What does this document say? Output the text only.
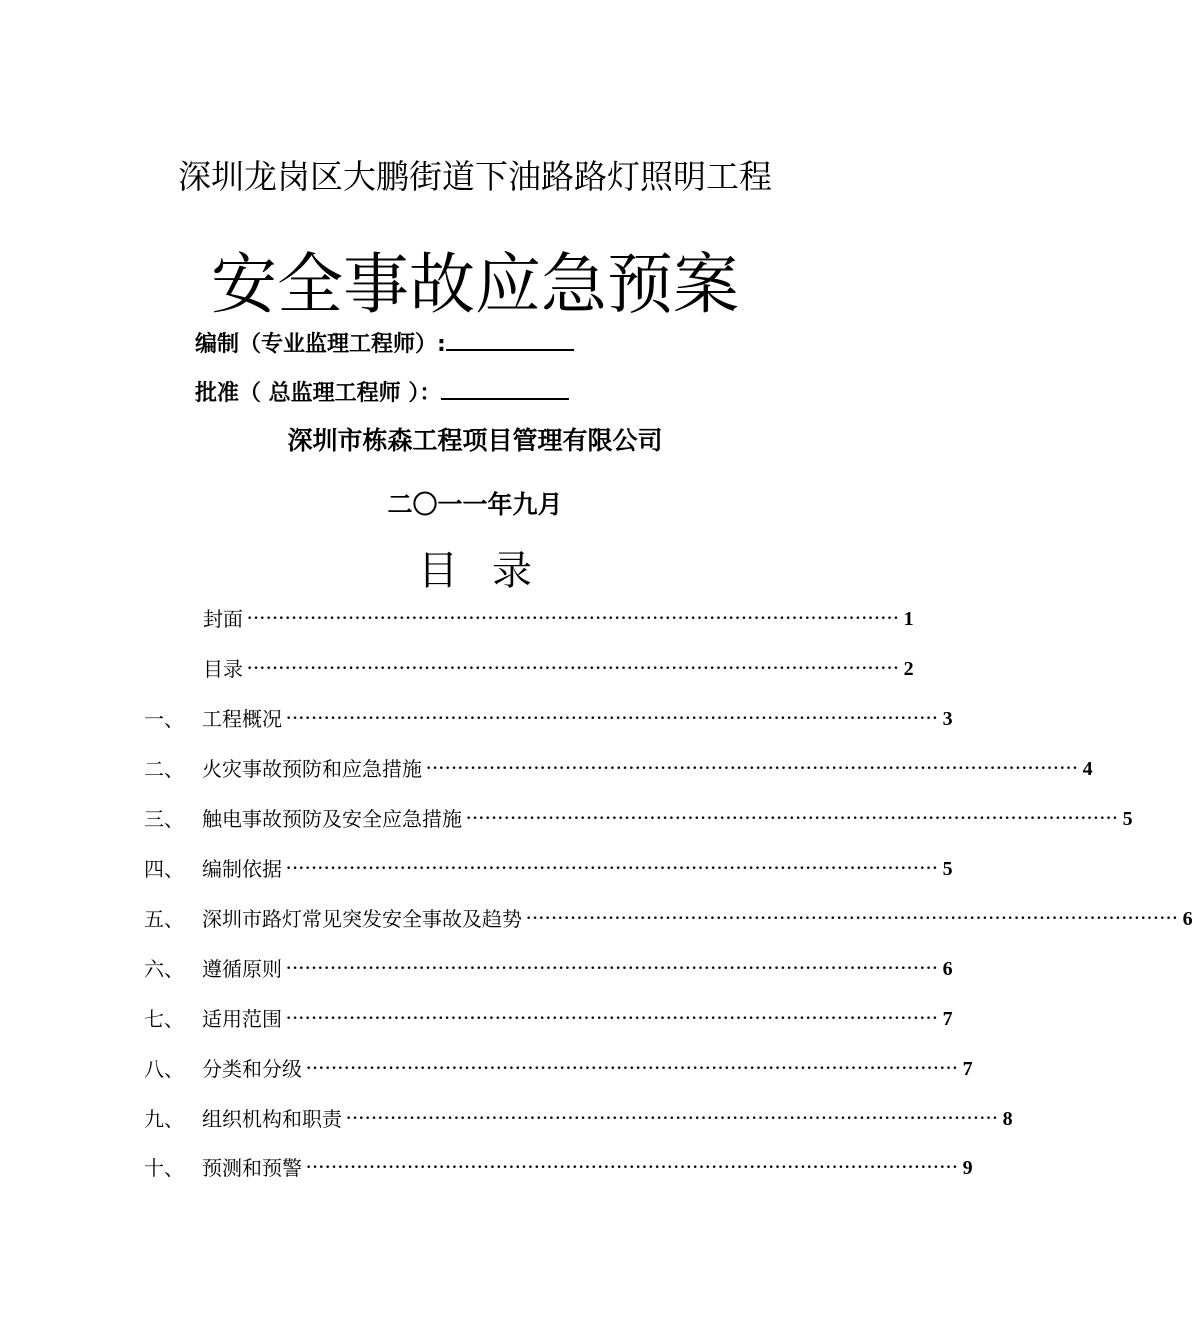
深圳龙岗区大鹏街道下油路路灯照明工程
安全事故应急预案
编制（专业监理工程师）:
批准（ 总监理工程师 ）：
深圳市栋森工程项目管理有限公司
二〇一一年九月
目录
封面 ······································································································· 1
目录 ······································································································· 2
一、 工程概况 ······································································································· 3
二、 火灾事故预防和应急措施 ······································································································· 4
三、 触电事故预防及安全应急措施 ······································································································· 5
四、 编制依据 ······································································································· 5
五、 深圳市路灯常见突发安全事故及趋势 ······································································································· 6
六、 遵循原则 ······································································································· 6
七、 适用范围 ······································································································· 7
八、 分类和分级 ······································································································· 7
九、 组织机构和职责 ······································································································· 8
十、 预测和预警 ······································································································· 9
